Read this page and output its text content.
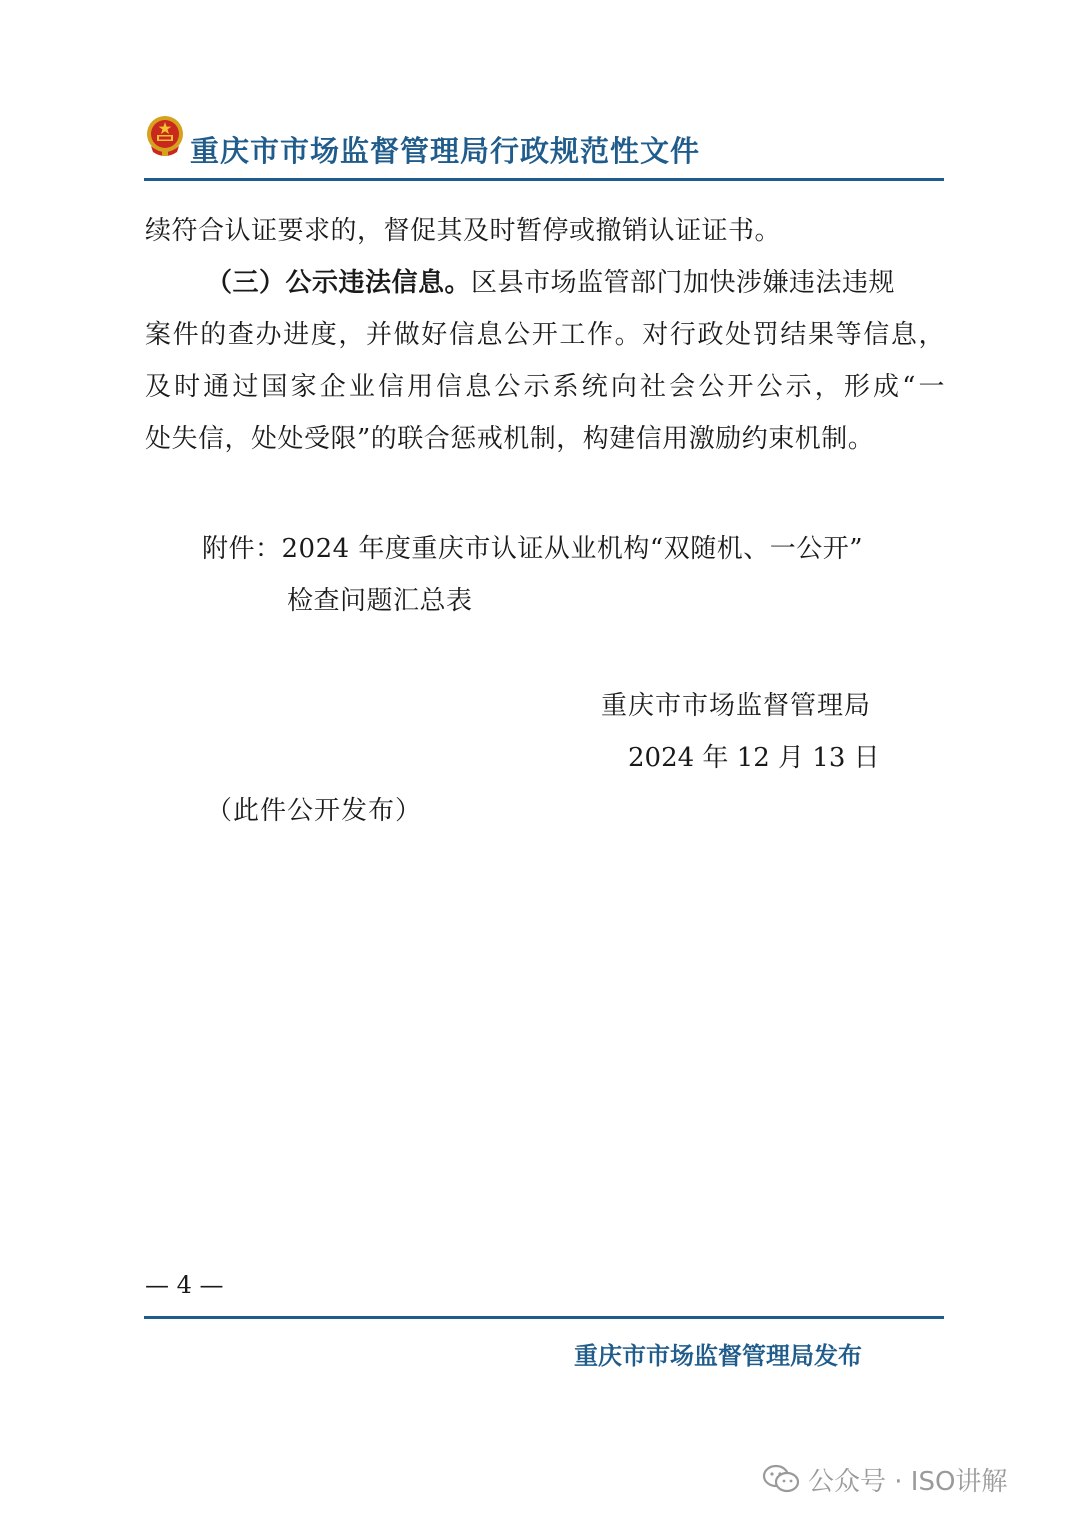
重庆市市场监督管理局行政规范性文件
续符合认证要求的，督促其及时暂停或撤销认证证书。
（三）公示违法信息。区县市场监管部门加快涉嫌违法违规
案件的查办进度，并做好信息公开工作。对行政处罚结果等信息，
及时通过国家企业信用信息公示系统向社会公开公示，形成“一
处失信，处处受限”的联合惩戒机制，构建信用激励约束机制。
附件：2024 年度重庆市认证从业机构“双随机、一公开”
检查问题汇总表
重庆市市场监督管理局
2024 年 12 月 13 日
（此件公开发布）
— 4 —
重庆市市场监督管理局发布
公众号 · ISO讲解
